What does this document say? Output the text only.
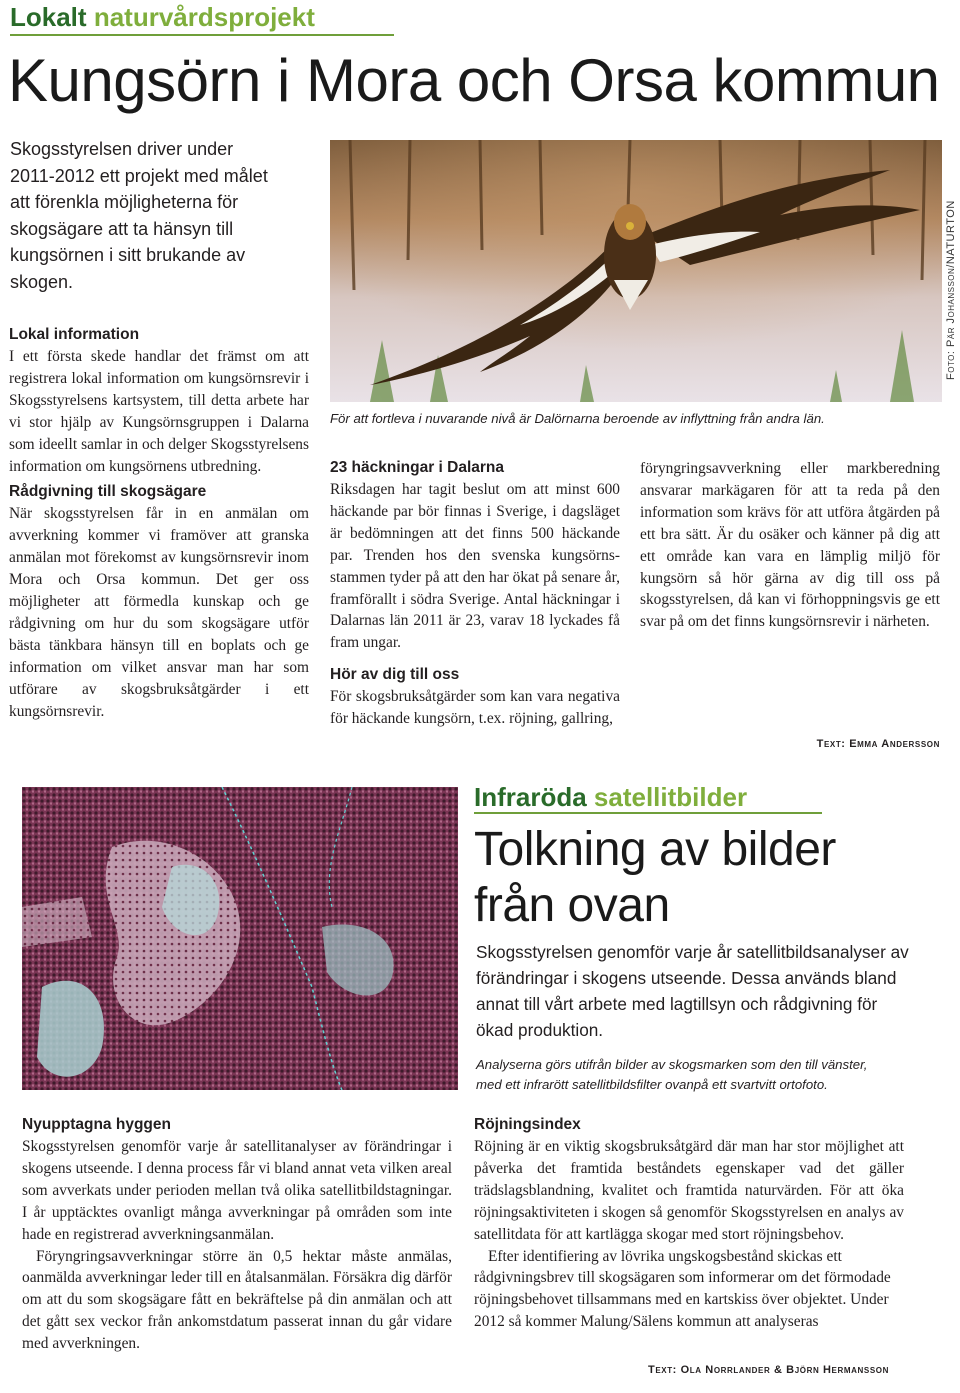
Lokalt naturvårdsprojekt
Kungsörn i Mora och Orsa kommun
Skogsstyrelsen driver under 2011-2012 ett projekt med målet att förenkla möjligheterna för skogsägare att ta hänsyn till kungsörnen i sitt brukande av skogen.
Lokal information

I ett första skede handlar det främst om att registrera lokal information om kungsörnsrevir i Skogsstyrelsens kartsystem, till detta arbete har vi stor hjälp av Kungsörnsgruppen i Dalarna som ideellt samlar in och delger Skogsstyrelsens information om kungsörnens utbredning.

Rådgivning till skogsägare

När skogsstyrelsen får in en anmälan om avverkning kommer vi framöver att granska anmälan mot förekomst av kungsörnsrevir inom Mora och Orsa kommun. Det ger oss möjligheter att förmedla kunskap och ge rådgivning om hur du som skogsägare utför bästa tänkbara hänsyn till en boplats och ge information om vilket ansvar man har som utförare av skogsbruksåtgärder i ett kungsörnsrevir.

Foto: Pär Johansson/NATURTON
För att fortleva i nuvarande nivå är Dalörnarna beroende av inflyttning från andra län.
23 häckningar i Dalarna

Riksdagen har tagit beslut om att minst 600 häckande par bör finnas i Sverige, i dagsläget är bedömningen att det finns 500 häckande par. Trenden hos den svenska kungsörns-stammen tyder på att den har ökat på senare år, framförallt i södra Sverige. Antal häckningar i Dalarnas län 2011 är 23, varav 18 lyckades få fram ungar.

Hör av dig till oss

För skogsbruksåtgärder som kan vara negativa för häckande kungsörn, t.ex. röjning, gallring,

föryngringsavverkning eller markberedning ansvarar markägaren för att ta reda på den information som krävs för att utföra åtgärden på ett bra sätt. Är du osäker och känner på dig att ett område kan vara en lämplig miljö för kungsörn så hör gärna av dig till oss på skogsstyrelsen, då kan vi förhoppningsvis ge ett svar på om det finns kungsörnsrevir i närheten.

Text: Emma Andersson
Infraröda satellitbilder
Tolkning av bilder
från ovan
Skogsstyrelsen genomför varje år satellitbildsanalyser av förändringar i skogens utseende. Dessa används bland annat till vårt arbete med lagtillsyn och rådgivning för ökad produktion.
Analyserna görs utifrån bilder av skogsmarken som den till vänster, med ett infrarött satellitbildsfilter ovanpå ett svartvitt ortofoto.
Nyupptagna hyggen

Skogsstyrelsen genomför varje år satellitanalyser av förändringar i skogens utseende. I denna process får vi bland annat veta vilken areal som avverkats under perioden mellan två olika satellitbildstagningar. I år upptäcktes ovanligt många avverkningar på områden som inte hade en registrerad avverkningsanmälan.

Föryngringsavverkningar större än 0,5 hektar måste anmälas, oanmälda avverkningar leder till en åtalsanmälan. Försäkra dig därför om att du som skogsägare fått en bekräftelse på din anmälan och att det gått sex veckor från ankomstdatum passerat innan du går vidare med avverkningen.

Röjningsindex

Röjning är en viktig skogsbruksåtgärd där man har stor möjlighet att påverka det framtida beståndets egenskaper vad det gäller trädslagsblandning, kvalitet och framtida naturvärden. För att öka röjningsaktiviteten i skogen så genomför Skogsstyrelsen en analys av satellitdata för att kartlägga skogar med stort röjningsbehov.

Efter identifiering av lövrika ungskogsbestånd skickas ett rådgivningsbrev till skogsägaren som informerar om det förmodade röjningsbehovet tillsammans med en kartskiss över objektet. Under 2012 så kommer Malung/Sälens kommun att analyseras

Text: Ola Norrlander & Björn Hermansson
